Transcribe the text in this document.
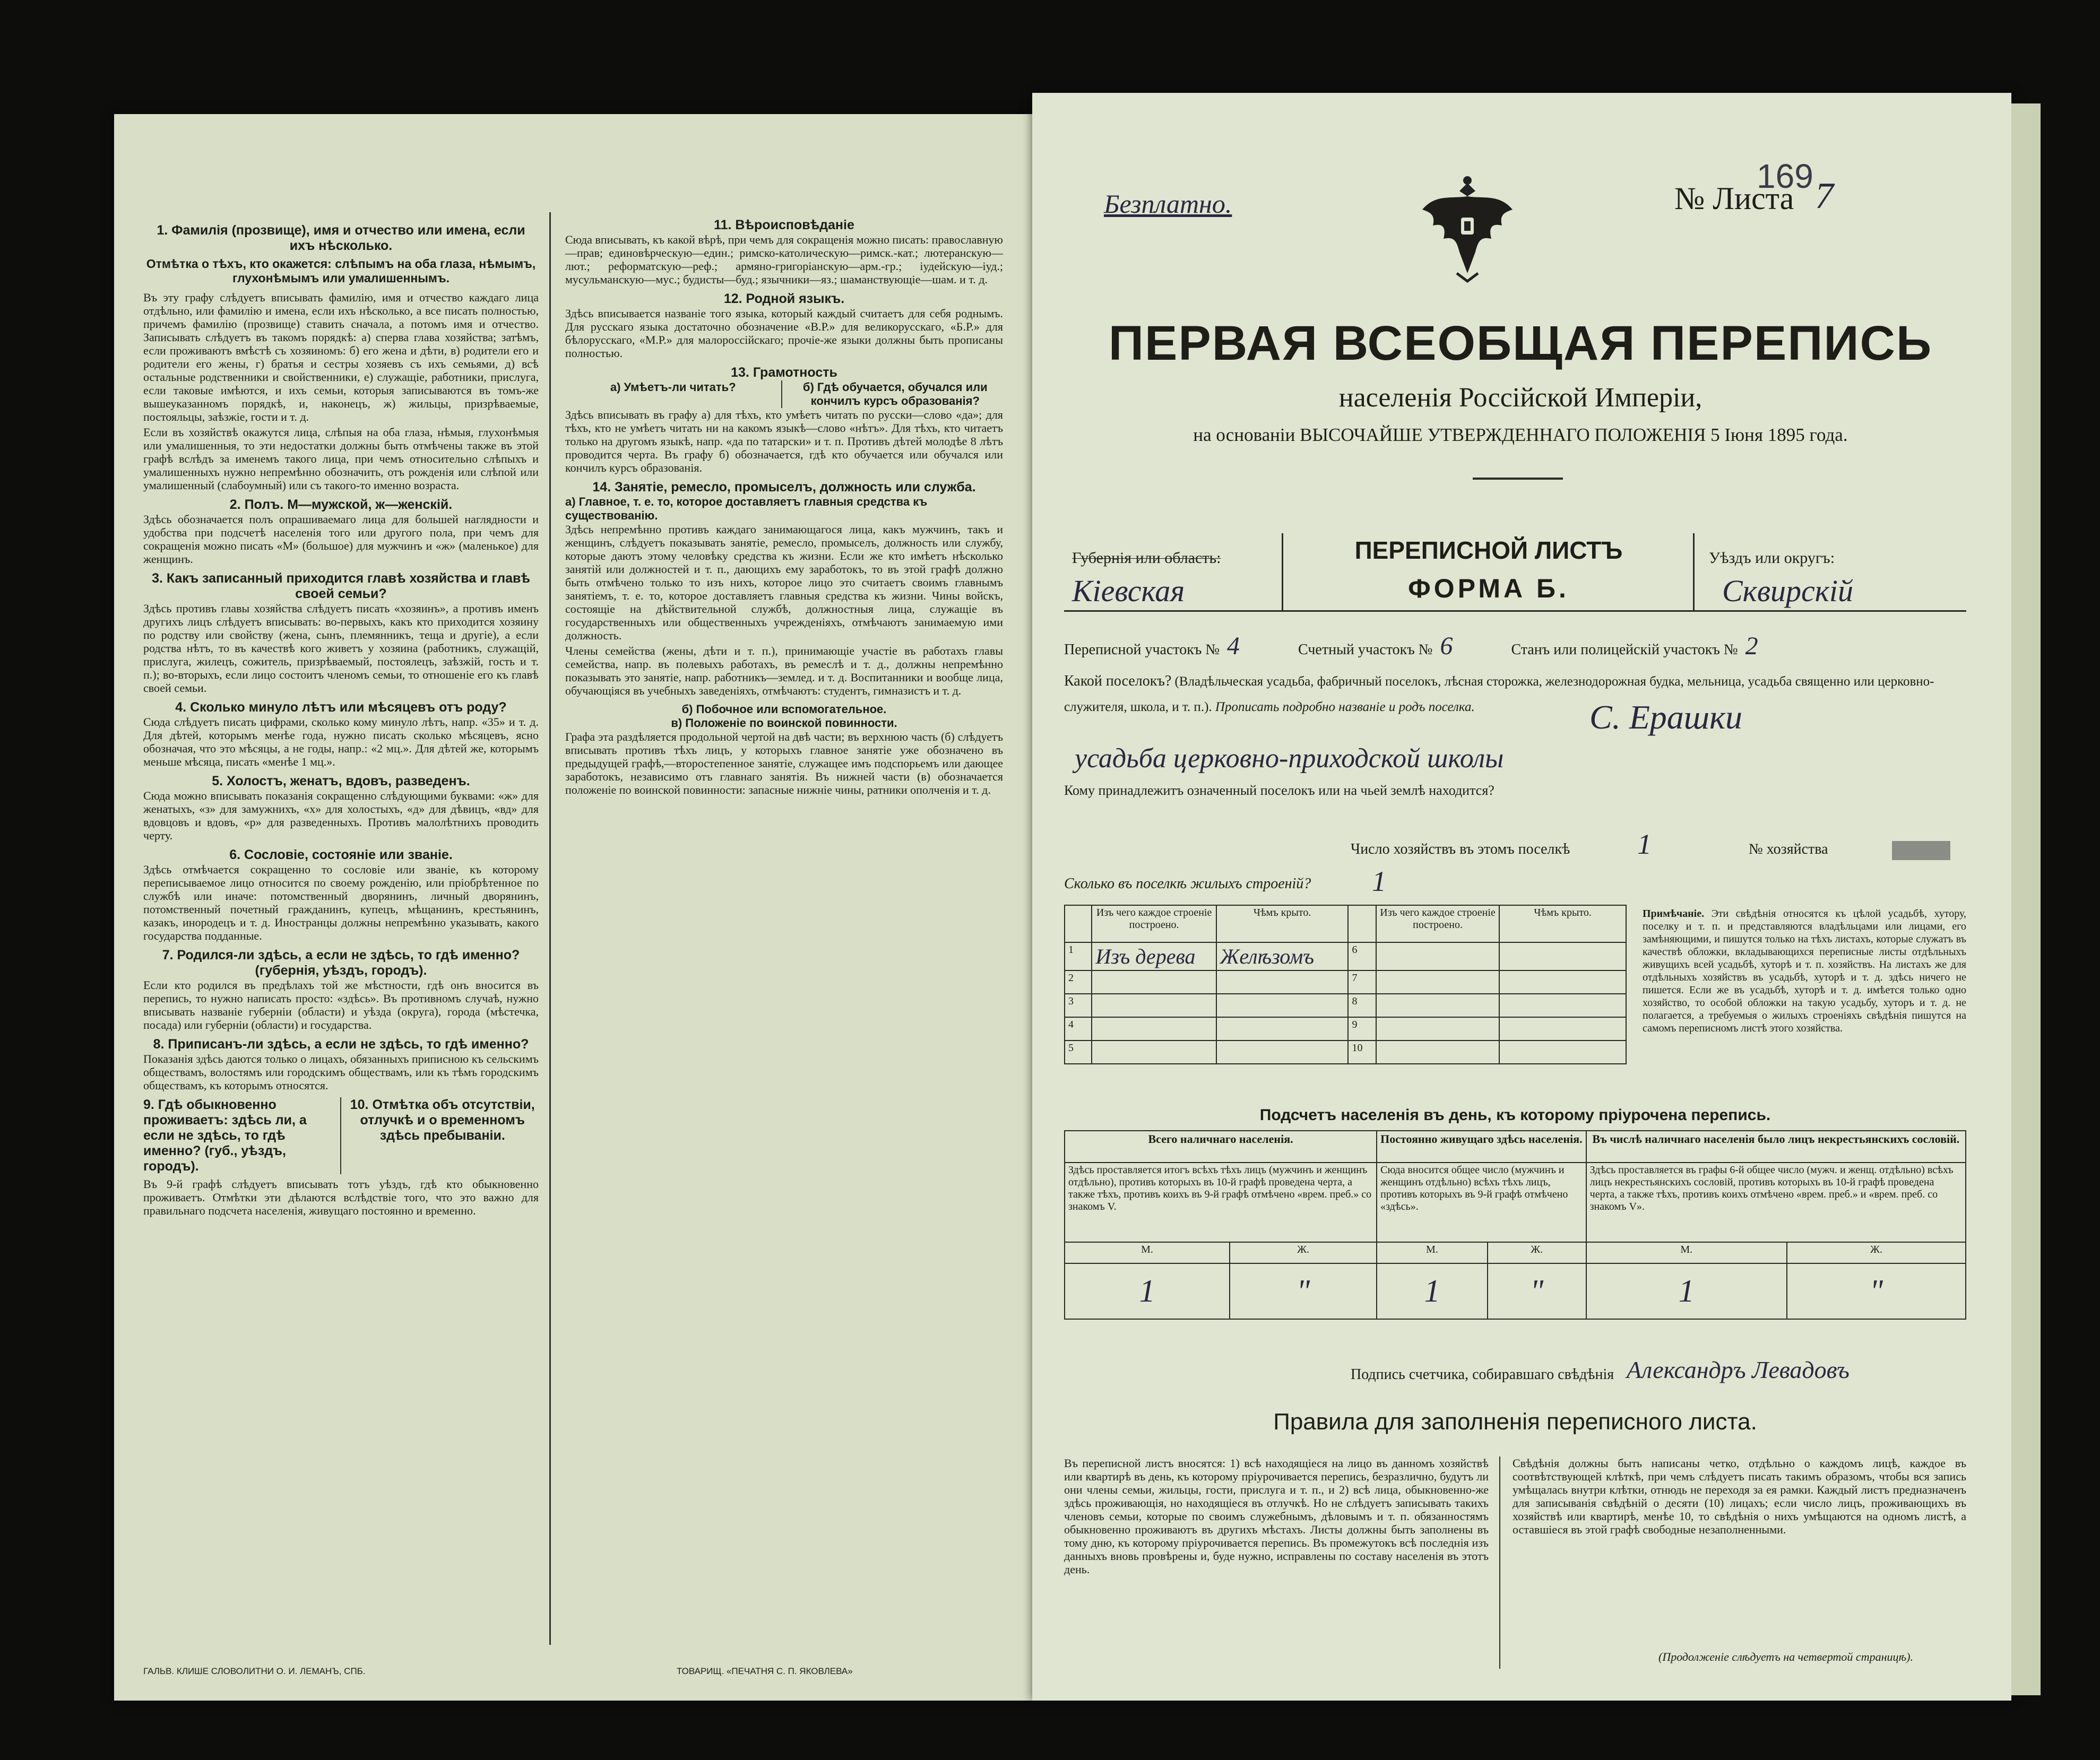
1. Фамилія (прозвище), имя и отчество или имена, если ихъ нѣсколько.
Отмѣтка о тѣхъ, кто окажется: слѣпымъ на оба глаза, нѣмымъ, глухонѣмымъ или умалишеннымъ.
Въ эту графу слѣдуетъ вписывать фамилію, имя и отчество каждаго лица отдѣльно, или фамилію и имена, если ихъ нѣсколько, а все писать полностью, причемъ фамилію (прозвище) ставить сначала, а потомъ имя и отчество. Записывать слѣдуетъ въ такомъ порядкѣ: а) сперва глава хозяйства; затѣмъ, если проживаютъ вмѣстѣ съ хозяиномъ: б) его жена и дѣти, в) родители его и родители его жены, г) братья и сестры хозяевъ съ ихъ семьями, д) всѣ остальные родственники и свойственники, е) служащіе, работники, прислуга, если таковые имѣются, и ихъ семьи, которыя записываются въ томъ-же вышеуказанномъ порядкѣ, и, наконецъ, ж) жильцы, призрѣваемые, постояльцы, заѣзжіе, гости и т. д.
Если въ хозяйствѣ окажутся лица, слѣпыя на оба глаза, нѣмыя, глухонѣмыя или умалишенныя, то эти недостатки должны быть отмѣчены также въ этой графѣ вслѣдъ за именемъ такого лица, при чемъ относительно слѣпыхъ и умалишенныхъ нужно непремѣнно обозначить, отъ рожденія или слѣпой или умалишенный (слабоумный) или съ такого-то именно возраста.
2. Полъ. М—мужской, ж—женскій.
Здѣсь обозначается полъ опрашиваемаго лица для большей наглядности и удобства при подсчетѣ населенія того или другого пола, при чемъ для сокращенія можно писать «М» (большое) для мужчинъ и «ж» (маленькое) для женщинъ.
3. Какъ записанный приходится главѣ хозяйства и главѣ своей семьи?
Здѣсь противъ главы хозяйства слѣдуетъ писать «хозяинъ», а противъ именъ другихъ лицъ слѣдуетъ вписывать: во-первыхъ, какъ кто приходится хозяину по родству или свойству (жена, сынъ, племянникъ, теща и другіе), а если родства нѣтъ, то въ качествѣ кого живетъ у хозяина (работникъ, служащій, прислуга, жилецъ, сожитель, призрѣваемый, постоялецъ, заѣзжій, гость и т. п.); во-вторыхъ, если лицо состоитъ членомъ семьи, то отношеніе его къ главѣ своей семьи.
4. Сколько минуло лѣтъ или мѣсяцевъ отъ роду?
Сюда слѣдуетъ писать цифрами, сколько кому минуло лѣтъ, напр. «35» и т. д. Для дѣтей, которымъ менѣе года, нужно писать сколько мѣсяцевъ, ясно обозначая, что это мѣсяцы, а не годы, напр.: «2 мц.». Для дѣтей же, которымъ меньше мѣсяца, писать «менѣе 1 мц.».
5. Холостъ, женатъ, вдовъ, разведенъ.
Сюда можно вписывать показанія сокращенно слѣдующими буквами: «ж» для женатыхъ, «з» для замужнихъ, «х» для холостыхъ, «д» для дѣвицъ, «вд» для вдовцовъ и вдовъ, «р» для разведенныхъ. Противъ малолѣтнихъ проводить черту.
6. Сословіе, состояніе или званіе.
Здѣсь отмѣчается сокращенно то сословіе или званіе, къ которому переписываемое лицо относится по своему рожденію, или пріобрѣтенное по службѣ или иначе: потомственный дворянинъ, личный дворянинъ, потомственный почетный гражданинъ, купецъ, мѣщанинъ, крестьянинъ, казакъ, инородецъ и т. д. Иностранцы должны непремѣнно указывать, какого государства подданные.
7. Родился-ли здѣсь, а если не здѣсь, то гдѣ именно? (губернія, уѣздъ, городъ).
Если кто родился въ предѣлахъ той же мѣстности, гдѣ онъ вносится въ перепись, то нужно написать просто: «здѣсь». Въ противномъ случаѣ, нужно вписывать названіе губерніи (области) и уѣзда (округа), города (мѣстечка, посада) или губерніи (области) и государства.
8. Приписанъ-ли здѣсь, а если не здѣсь, то гдѣ именно?
Показанія здѣсь даются только о лицахъ, обязанныхъ приписною къ сельскимъ обществамъ, волостямъ или городскимъ обществамъ, или къ тѣмъ городскимъ обществамъ, къ которымъ относятся.
9. Гдѣ обыкновенно проживаетъ: здѣсь ли, а если не здѣсь, то гдѣ именно? (губ., уѣздъ, городъ).
10. Отмѣтка объ отсутствіи, отлучкѣ и о временномъ здѣсь пребываніи.
Въ 9-й графѣ слѣдуетъ вписывать тотъ уѣздъ, гдѣ кто обыкновенно проживаетъ. Отмѣтки эти дѣлаются вслѣдствіе того, что это важно для правильнаго подсчета населенія, живущаго постоянно и временно.
ГАЛЬВ. КЛИШЕ СЛОВОЛИТНИ О. И. ЛЕМАНЪ, СПБ.
11. Вѣроисповѣданіе
Сюда вписывать, къ какой вѣрѣ, при чемъ для сокращенія можно писать: православную—прав; единовѣрческую—един.; римско-католическую—римск.-кат.; лютеранскую—лют.; реформатскую—реф.; армяно-григоріанскую—арм.-гр.; іудейскую—іуд.; мусульманскую—мус.; будисты—буд.; язычники—яз.; шаманствующіе—шам. и т. д.
12. Родной языкъ.
Здѣсь вписывается названіе того языка, который каждый считаетъ для себя роднымъ. Для русскаго языка достаточно обозначение «В.Р.» для великорусскаго, «Б.Р.» для бѣлорусскаго, «М.Р.» для малороссійскаго; прочіе-же языки должны быть прописаны полностью.
13. Грамотность
а) Умѣетъ-ли читать?	б) Гдѣ обучается, обучался или кончилъ курсъ образованія?
Здѣсь вписывать въ графу а) для тѣхъ, кто умѣетъ читать по русски—слово «да»; для тѣхъ, кто не умѣетъ читать ни на какомъ языкѣ—слово «нѣтъ». Для тѣхъ, кто читаетъ только на другомъ языкѣ, напр. «да по татарски» и т. п. Противъ дѣтей молодѣе 8 лѣтъ проводится черта. Въ графу б) обозначается, гдѣ кто обучается или обучался или кончилъ курсъ образованія.
14. Занятіе, ремесло, промыселъ, должность или служба.
а) Главное, т. е. то, которое доставляетъ главныя средства къ существованію.
Здѣсь непремѣнно противъ каждаго занимающагося лица, какъ мужчинъ, такъ и женщинъ, слѣдуетъ показывать занятіе, ремесло, промыселъ, должность или службу, которые даютъ этому человѣку средства къ жизни. Если же кто имѣетъ нѣсколько занятій или должностей и т. п., дающихъ ему заработокъ, то въ этой графѣ должно быть отмѣчено только то изъ нихъ, которое лицо это считаетъ своимъ главнымъ занятіемъ, т. е. то, которое доставляетъ главныя средства къ жизни. Чины войскъ, состоящіе на дѣйствительной службѣ, должностныя лица, служащіе въ государственныхъ или общественныхъ учрежденіяхъ, отмѣчаютъ занимаемую ими должность.
Члены семейства (жены, дѣти и т. п.), принимающіе участіе въ работахъ главы семейства, напр. въ полевыхъ работахъ, въ ремеслѣ и т. д., должны непремѣнно показывать это занятіе, напр. работникъ—землед. и т. д. Воспитанники и вообще лица, обучающіяся въ учебныхъ заведеніяхъ, отмѣчаютъ: студентъ, гимназистъ и т. д.
б) Побочное или вспомогательное.
в) Положеніе по воинской повинности.
Графа эта раздѣляется продольной чертой на двѣ части; въ верхнюю часть (б) слѣдуетъ вписывать противъ тѣхъ лицъ, у которыхъ главное занятіе уже обозначено въ предыдущей графѣ,—второстепенное занятіе, служащее имъ подспорьемъ или дающее заработокъ, независимо отъ главнаго занятія. Въ нижней части (в) обозначается положеніе по воинской повинности: запасные нижніе чины, ратники ополченія и т. д.
ТОВАРИЩ. «ПЕЧАТНЯ С. П. ЯКОВЛЕВА»
Безплатно.	№ Листа 7
169
ПЕРВАЯ ВСЕОБЩАЯ ПЕРЕПИСЬ
населенія Россійской Имперіи,
на основаніи ВЫСОЧАЙШЕ УТВЕРЖДЕННАГО ПОЛОЖЕНІЯ 5 Іюня 1895 года.
Губернія или область:
Кіевская
ПЕРЕПИСНОЙ ЛИСТЪ
ФОРМА Б.
Уѣздъ или округъ:
Сквирскій
Переписной участокъ № 4	Счетный участокъ № 6	Станъ или полицейскій участокъ № 2
Какой поселокъ? (Владѣльческая усадьба, фабричный поселокъ, лѣсная сторожка, железнодорожная будка, мельница, усадьба священно или церковно-служителя, школа, и т. п.). Прописать подробно названіе и родъ поселка.	С. Ерашки
усадьба церковно-приходской школы
Кому принадлежитъ означенный поселокъ или на чьей землѣ находится?
Число хозяйствъ въ этомъ поселкѣ 1	№ хозяйства
Сколько въ поселкѣ жилыхъ строеній? 1
	Изъ чего каждое строеніе построено.	Чѣмъ крыто.		Изъ чего каждое строеніе построено.	Чѣмъ крыто.
1	Изъ дерева	Желѣзомъ	6		
2			7		
3			8		
4			9		
5			10		
Примѣчаніе. Эти свѣдѣнія относятся къ цѣлой усадьбѣ, хутору, поселку и т. п. и представляются владѣльцами или лицами, его замѣняющими, и пишутся только на тѣхъ листахъ, которые служатъ въ качествѣ обложки, вкладывающихся переписные листы отдѣльныхъ живущихъ всей усадьбѣ, хуторѣ и т. п. хозяйствъ. На листахъ же для отдѣльныхъ хозяйствъ въ усадьбѣ, хуторѣ и т. д. здѣсь ничего не пишется. Если же въ усадьбѣ, хуторѣ и т. д. имѣется только одно хозяйство, то особой обложки на такую усадьбу, хуторъ и т. д. не полагается, а требуемыя о жилыхъ строеніяхъ свѣдѣнія пишутся на самомъ переписномъ листѣ этого хозяйства.
Подсчетъ населенія въ день, къ которому пріурочена перепись.
Всего наличнаго населенія.		Постоянно живущаго здѣсь населенія.		Въ числѣ наличнаго населенія было лицъ некрестьянскихъ сословій.	
Здѣсь проставляется итогъ всѣхъ тѣхъ лицъ (мужчинъ и женщинъ отдѣльно), противъ которыхъ въ 10-й графѣ проведена черта, а также тѣхъ, противъ коихъ въ 9-й графѣ отмѣчено «врем. преб.» со знакомъ V.		Сюда вносится общее число (мужчинъ и женщинъ отдѣльно) всѣхъ тѣхъ лицъ, противъ которыхъ въ 9-й графѣ отмѣчено «здѣсь».		Здѣсь проставляется въ графы 6-й общее число (мужч. и женщ. отдѣльно) всѣхъ лицъ некрестьянскихъ сословій, противъ которыхъ въ 10-й графѣ проведена черта, а также тѣхъ, противъ коихъ отмѣчено «врем. преб.» и «врем. преб. со знакомъ V».	
М.	Ж.	М.	Ж.	М.	Ж.
1	"	1	"	1	"
Подпись счетчика, собиравшаго свѣдѣнія Александръ Левадовъ
Правила для заполненія переписного листа.
Въ переписной листъ вносятся: 1) всѣ находящіеся на лицо въ данномъ хозяйствѣ или квартирѣ въ день, къ которому пріурочивается перепись, безразлично, будутъ ли они члены семьи, жильцы, гости, прислуга и т. п., и 2) всѣ лица, обыкновенно-же здѣсь проживающія, но находящіеся въ отлучкѣ. Но не слѣдуетъ записывать такихъ членовъ семьи, которые по своимъ служебнымъ, дѣловымъ и т. п. обязанностямъ обыкновенно проживаютъ въ другихъ мѣстахъ. Листы должны быть заполнены въ тому дню, къ которому пріурочивается перепись. Въ промежутокъ всѣ последнія изъ данныхъ вновь провѣрены и, буде нужно, исправлены по составу населенія въ этотъ день.
Свѣдѣнія должны быть написаны четко, отдѣльно о каждомъ лицѣ, каждое въ соотвѣтствующей клѣткѣ, при чемъ слѣдуетъ писать такимъ образомъ, чтобы вся запись умѣщалась внутри клѣтки, отнюдь не переходя за ея рамки. Каждый листъ предназначенъ для записыванія свѣдѣній о десяти (10) лицахъ; если число лицъ, проживающихъ въ хозяйствѣ или квартирѣ, менѣе 10, то свѣдѣнія о нихъ умѣщаются на одномъ листѣ, а оставшіеся въ этой графѣ свободные незаполненными.
(Продолженіе слѣдуетъ на четвертой страницѣ).
